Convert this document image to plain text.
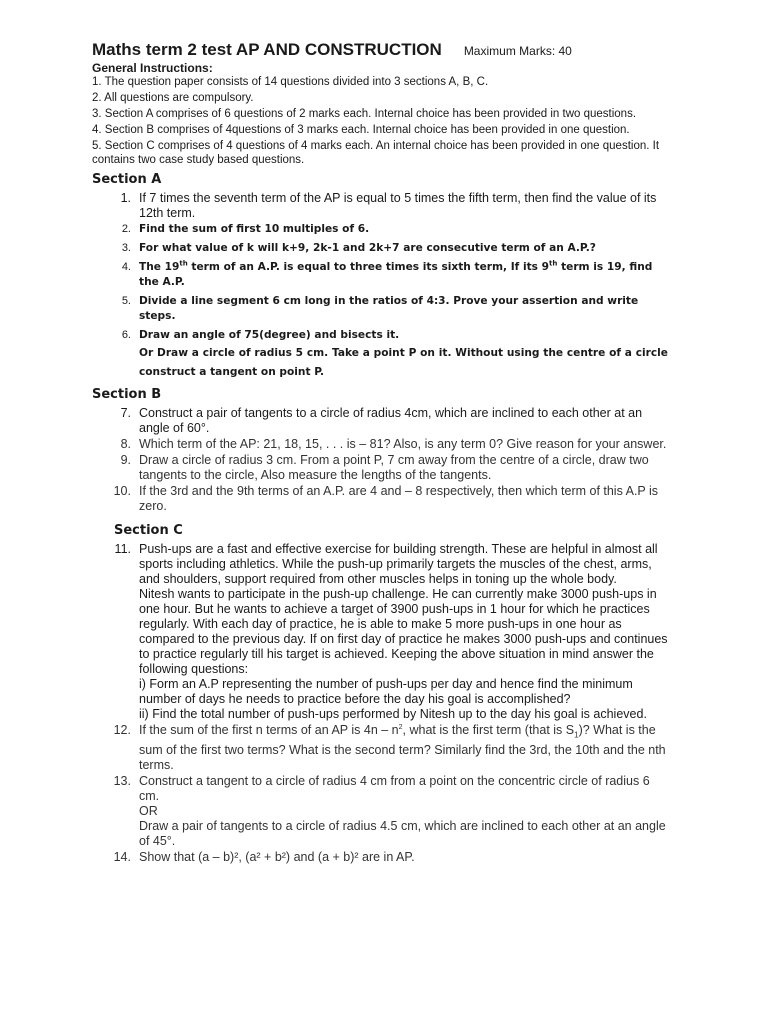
Maths term 2 test AP AND CONSTRUCTION Maximum Marks: 40
General Instructions:

1. The question paper consists of 14 questions divided into 3 sections A, B, C.

2. All questions are compulsory.

3. Section A comprises of 6 questions of 2 marks each. Internal choice has been provided in two questions.

4. Section B comprises of 4questions of 3 marks each. Internal choice has been provided in one question.

5. Section C comprises of 4 questions of 4 marks each. An internal choice has been provided in one question. It contains two case study based questions.

Section A
1. If 7 times the seventh term of the AP is equal to 5 times the fifth term, then find the value of its 12th term.
2. Find the sum of first 10 multiples of 6.
3. For what value of k will k+9, 2k-1 and 2k+7 are consecutive term of an A.P.?
4. The 19th term of an A.P. is equal to three times its sixth term, If its 9th term is 19, find the A.P.
5. Divide a line segment 6 cm long in the ratios of 4:3. Prove your assertion and write steps.
6. Draw an angle of 75(degree) and bisects it.
Or Draw a circle of radius 5 cm. Take a point P on it. Without using the centre of a circle construct a tangent on point P.
Section B
7. Construct a pair of tangents to a circle of radius 4cm, which are inclined to each other at an angle of 60°.
8. Which term of the AP: 21, 18, 15, . . . is – 81? Also, is any term 0? Give reason for your answer.
9. Draw a circle of radius 3 cm. From a point P, 7 cm away from the centre of a circle, draw two tangents to the circle, Also measure the lengths of the tangents.
10. If the 3rd and the 9th terms of an A.P. are 4 and – 8 respectively, then which term of this A.P is zero.
Section C
11. Push-ups are a fast and effective exercise for building strength. These are helpful in almost all sports including athletics. While the push-up primarily targets the muscles of the chest, arms, and shoulders, support required from other muscles helps in toning up the whole body.
Nitesh wants to participate in the push-up challenge. He can currently make 3000 push-ups in one hour. But he wants to achieve a target of 3900 push-ups in 1 hour for which he practices regularly. With each day of practice, he is able to make 5 more push-ups in one hour as compared to the previous day. If on first day of practice he makes 3000 push-ups and continues to practice regularly till his target is achieved. Keeping the above situation in mind answer the following questions:
i) Form an A.P representing the number of push-ups per day and hence find the minimum number of days he needs to practice before the day his goal is accomplished?
ii) Find the total number of push-ups performed by Nitesh up to the day his goal is achieved.
12. If the sum of the first n terms of an AP is $4n - n^2$, what is the first term (that is $S_1$)? What is the sum of the first two terms? What is the second term? Similarly find the 3rd, the 10th and the nth terms.
13. Construct a tangent to a circle of radius 4 cm from a point on the concentric circle of radius 6 cm.
OR
Draw a pair of tangents to a circle of radius 4.5 cm, which are inclined to each other at an angle of 45°.
14. Show that (a – b)², (a² + b²) and (a + b)² are in AP.
